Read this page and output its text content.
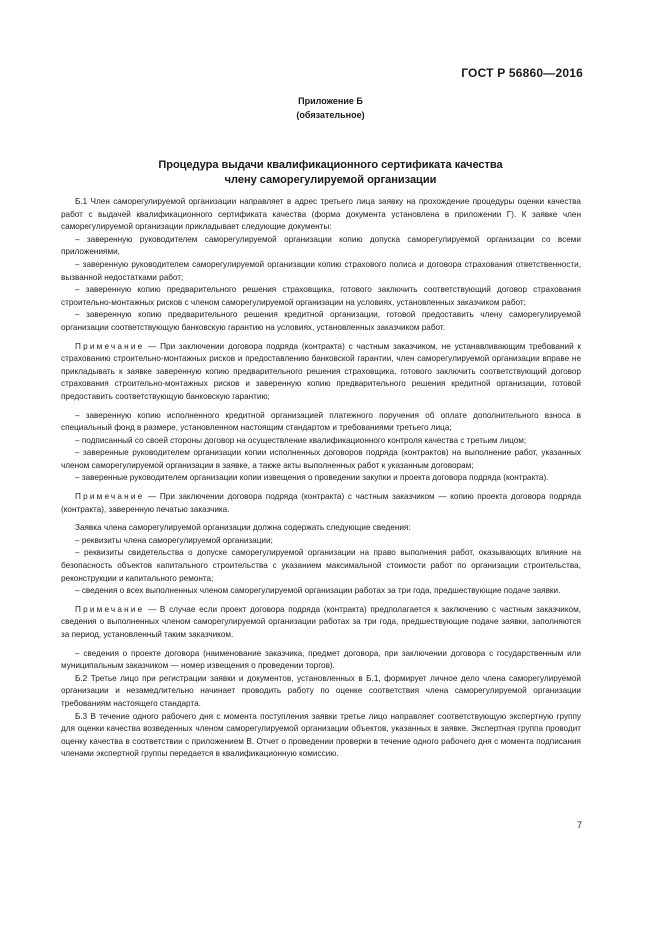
ГОСТ Р 56860—2016
Приложение Б
(обязательное)
Процедура выдачи квалификационного сертификата качества
члену саморегулируемой организации

Б.1 Член саморегулируемой организации направляет в адрес третьего лица заявку на прохождение процедуры оценки качества работ с выдачей квалификационного сертификата качества (форма документа установлена в приложении Г). К заявке член саморегулируемой организации прикладывает следующие документы:

– заверенную руководителем саморегулируемой организации копию допуска саморегулируемой организации со всеми приложениями,

– заверенную руководителем саморегулируемой организации копию страхового полиса и договора страхования ответственности, вызванной недостатками работ;

– заверенную копию предварительного решения страховщика, готового заключить соответствующий договор страхования строительно-монтажных рисков с членом саморегулируемой организации на условиях, установленных заказчиком работ;

– заверенную копию предварительного решения кредитной организации, готовой предоставить члену саморегулируемой организации соответствующую банковскую гарантию на условиях, установленных заказчиком работ.

Примечание — При заключении договора подряда (контракта) с частным заказчиком, не устанавливающим требований к страхованию строительно-монтажных рисков и предоставлению банковской гарантии, член саморегулируемой организации вправе не прикладывать к заявке заверенную копию предварительного решения страховщика, готового заключить соответствующий договор страхования строительно-монтажных рисков и заверенную копию предварительного решения кредитной организации, готовой предоставить соответствующую банковскую гарантию;

– заверенную копию исполненного кредитной организацией платежного поручения об оплате дополнительного взноса в специальный фонд в размере, установленном настоящим стандартом и требованиями третьего лица;

– подписанный со своей стороны договор на осуществление квалификационного контроля качества с третьим лицом;

– заверенные руководителем организации копии исполненных договоров подряда (контрактов) на выполнение работ, указанных членом саморегулируемой организации в заявке, а также акты выполненных работ к указанным договорам;

– заверенные руководителем организации копии извещения о проведении закупки и проекта договора подряда (контракта).

Примечание — При заключении договора подряда (контракта) с частным заказчиком — копию проекта договора подряда (контракта), заверенную печатью заказчика.

Заявка члена саморегулируемой организации должна содержать следующие сведения:

– реквизиты члена саморегулируемой организации;

– реквизиты свидетельства о допуске саморегулируемой организации на право выполнения работ, оказывающих влияние на безопасность объектов капитального строительства с указанием максимальной стоимости работ по организации строительства, реконструкции и капитального ремонта;

– сведения о всех выполненных членом саморегулируемой организации работах за три года, предшествующие подаче заявки.

Примечание — В случае если проект договора подряда (контракта) предполагается к заключению с частным заказчиком, сведения о выполненных членом саморегулируемой организации работах за три года, предшествующие подаче заявки, заполняются за период, установленный таким заказчиком.

– сведения о проекте договора (наименование заказчика, предмет договора, при заключении договора с государственным или муниципальным заказчиком — номер извещения о проведении торгов).

Б.2 Третье лицо при регистрации заявки и документов, установленных в Б.1, формирует личное дело члена саморегулируемой организации и незамедлительно начинает проводить работу по оценке соответствия члена саморегулируемой организации требованиям настоящего стандарта.

Б.3 В течение одного рабочего дня с момента поступления заявки третье лицо направляет соответствующую экспертную группу для оценки качества возведенных членом саморегулируемой организации объектов, указанных в заявке. Экспертная группа проводит оценку качества в соответствии с приложением В. Отчет о проведении проверки в течение одного рабочего дня с момента подписания членами экспертной группы передается в квалификационную комиссию.

7
